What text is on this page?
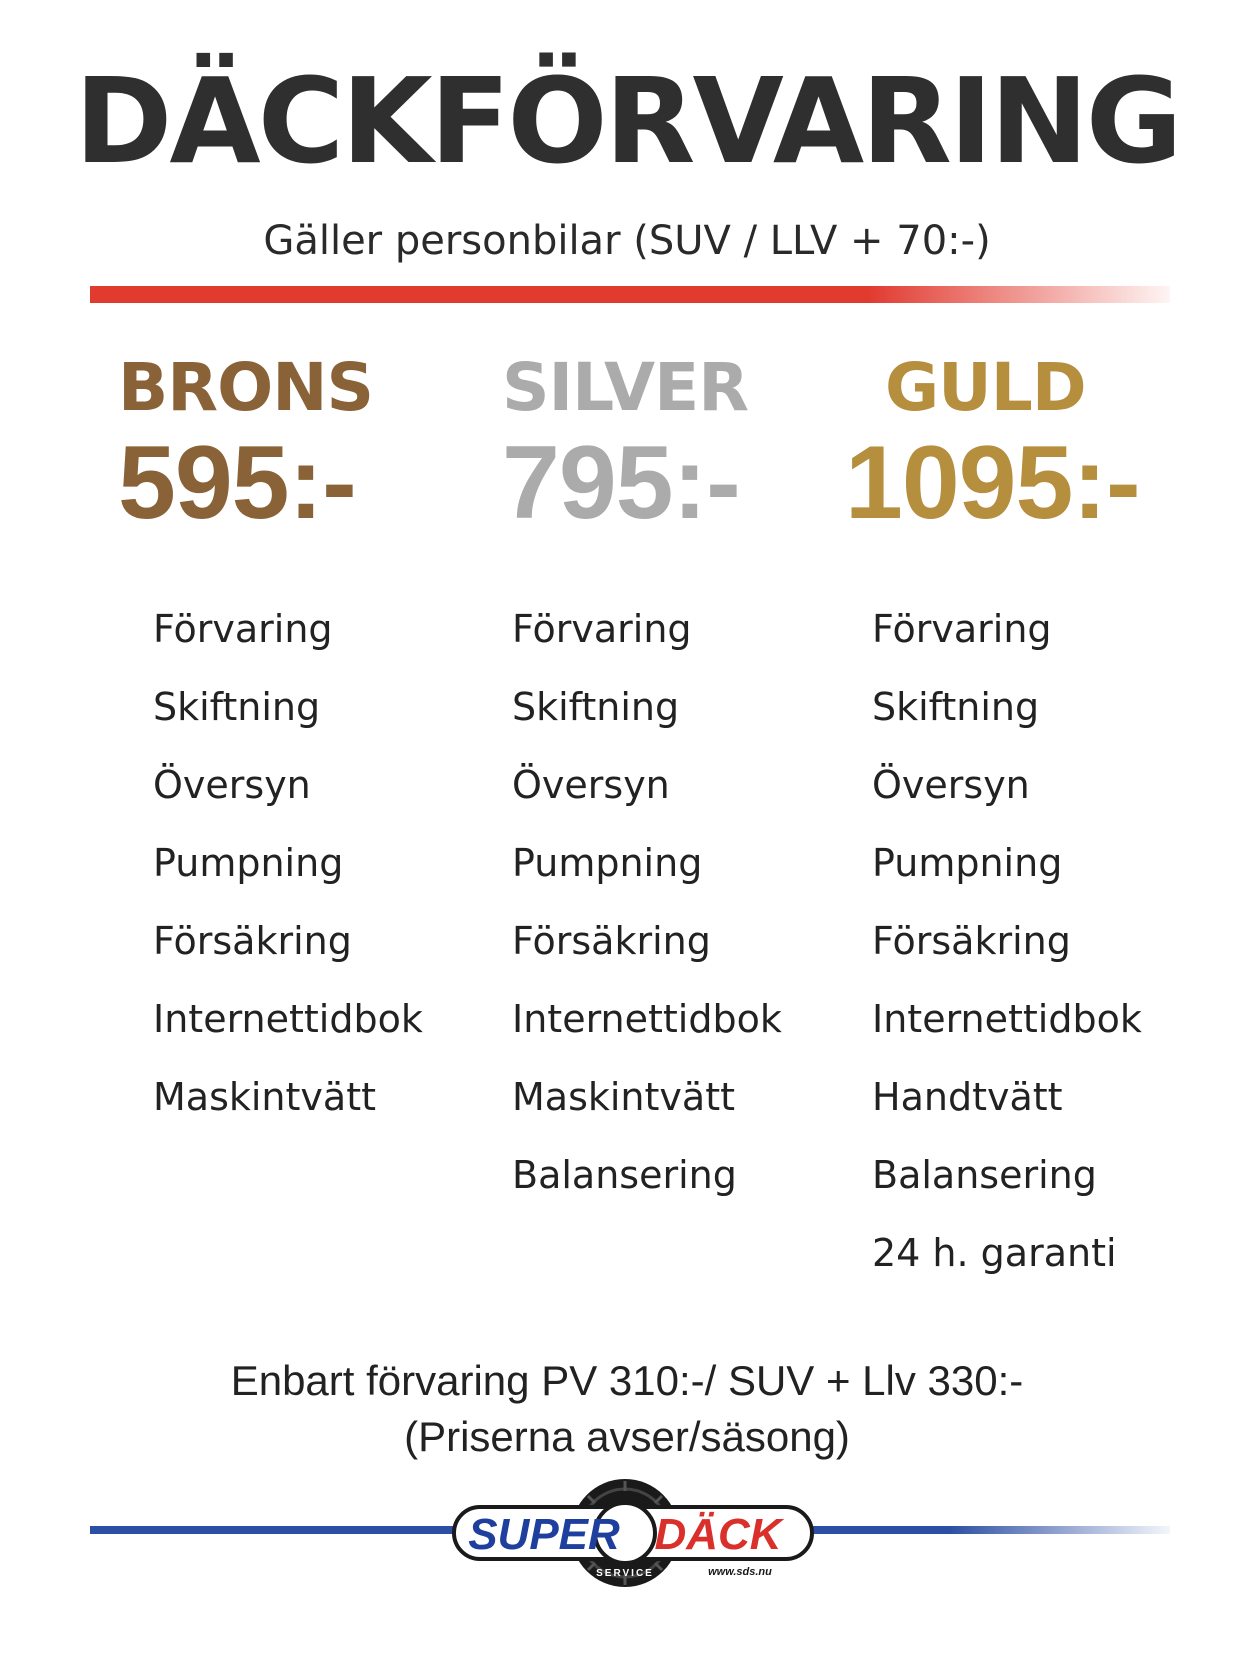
DÄCKFÖRVARING
Gäller personbilar (SUV / LLV + 70:-)
BRONS
595:-
SILVER
795:-
GULD
1095:-
Förvaring
Skiftning
Översyn
Pumpning
Försäkring
Internettidbok
Maskintvätt
Förvaring
Skiftning
Översyn
Pumpning
Försäkring
Internettidbok
Maskintvätt
Balansering
Förvaring
Skiftning
Översyn
Pumpning
Försäkring
Internettidbok
Handtvätt
Balansering
24 h. garanti
Enbart förvaring PV 310:-/ SUV + Llv 330:-
(Priserna avser/säsong)
SUPER DÄCK
SERVICE	www.sds.nu
